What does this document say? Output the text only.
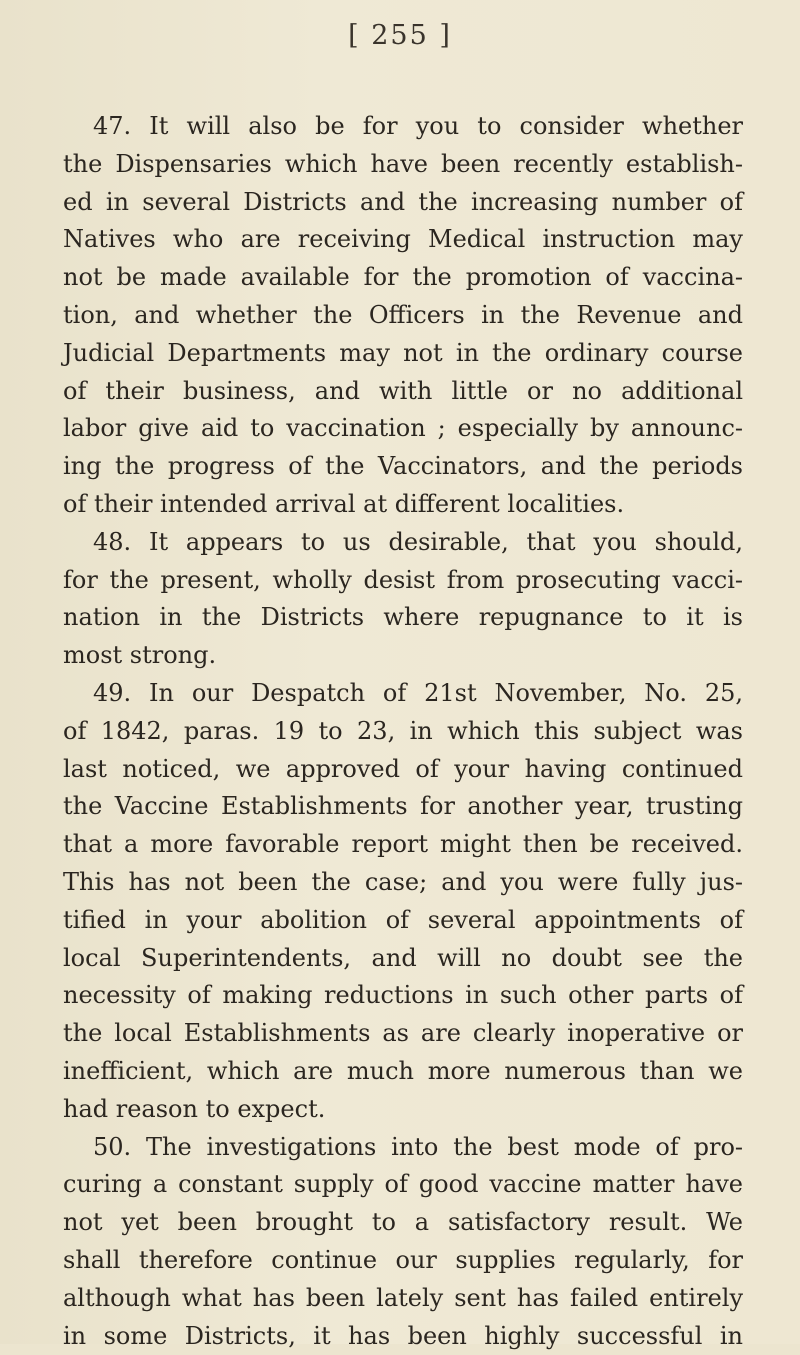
[ 255 ]
47. It will also be for you to consider whether
the Dispensaries which have been recently establish-
ed in several Districts and the increasing number of
Natives who are receiving Medical instruction may
not be made available for the promotion of vaccina-
tion, and whether the Officers in the Revenue and
Judicial Departments may not in the ordinary course
of their business, and with little or no additional
labor give aid to vaccination ; especially by announc-
ing the progress of the Vaccinators, and the periods
of their intended arrival at different localities.
48. It appears to us desirable, that you should,
for the present, wholly desist from prosecuting vacci-
nation in the Districts where repugnance to it is
most strong.
49. In our Despatch of 21st November, No. 25,
of 1842, paras. 19 to 23, in which this subject was
last noticed, we approved of your having continued
the Vaccine Establishments for another year, trusting
that a more favorable report might then be received.
This has not been the case; and you were fully jus-
tified in your abolition of several appointments of
local Superintendents, and will no doubt see the
necessity of making reductions in such other parts of
the local Establishments as are clearly inoperative or
inefficient, which are much more numerous than we
had reason to expect.
50. The investigations into the best mode of pro-
curing a constant supply of good vaccine matter have
not yet been brought to a satisfactory result. We
shall therefore continue our supplies regularly, for
although what has been lately sent has failed entirely
in some Districts, it has been highly successful in
